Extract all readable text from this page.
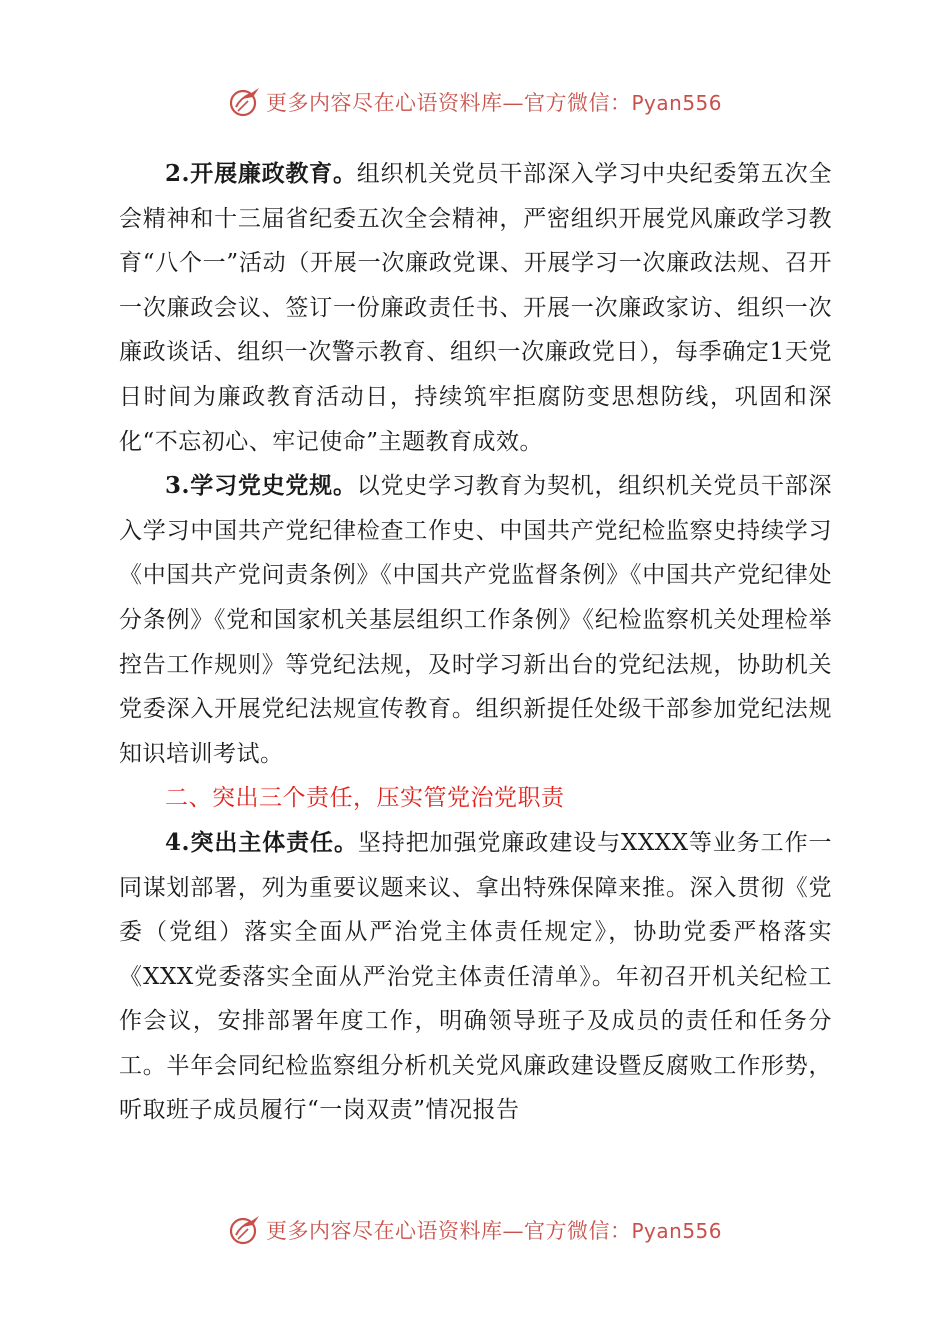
更多内容尽在心语资料库—官方微信：Pyan556

2.开展廉政教育。组织机关党员干部深入学习中央纪委第五次全会精神和十三届省纪委五次全会精神，严密组织开展党风廉政学习教育“八个一”活动（开展一次廉政党课、开展学习一次廉政法规、召开一次廉政会议、签订一份廉政责任书、开展一次廉政家访、组织一次廉政谈话、组织一次警示教育、组织一次廉政党日），每季确定1天党日时间为廉政教育活动日，持续筑牢拒腐防变思想防线，巩固和深化“不忘初心、牢记使命”主题教育成效。

3.学习党史党规。以党史学习教育为契机，组织机关党员干部深入学习中国共产党纪律检查工作史、中国共产党纪检监察史持续学习《中国共产党问责条例》《中国共产党监督条例》《中国共产党纪律处分条例》《党和国家机关基层组织工作条例》《纪检监察机关处理检举控告工作规则》等党纪法规，及时学习新出台的党纪法规，协助机关党委深入开展党纪法规宣传教育。组织新提任处级干部参加党纪法规知识培训考试。

二、突出三个责任，压实管党治党职责

4.突出主体责任。坚持把加强党廉政建设与XXXX等业务工作一同谋划部署，列为重要议题来议、拿出特殊保障来推。深入贯彻《党委（党组）落实全面从严治党主体责任规定》，协助党委严格落实《XXX党委落实全面从严治党主体责任清单》。年初召开机关纪检工作会议，安排部署年度工作，明确领导班子及成员的责任和任务分工。半年会同纪检监察组分析机关党风廉政建设暨反腐败工作形势，听取班子成员履行“一岗双责”情况报告

更多内容尽在心语资料库—官方微信：Pyan556
